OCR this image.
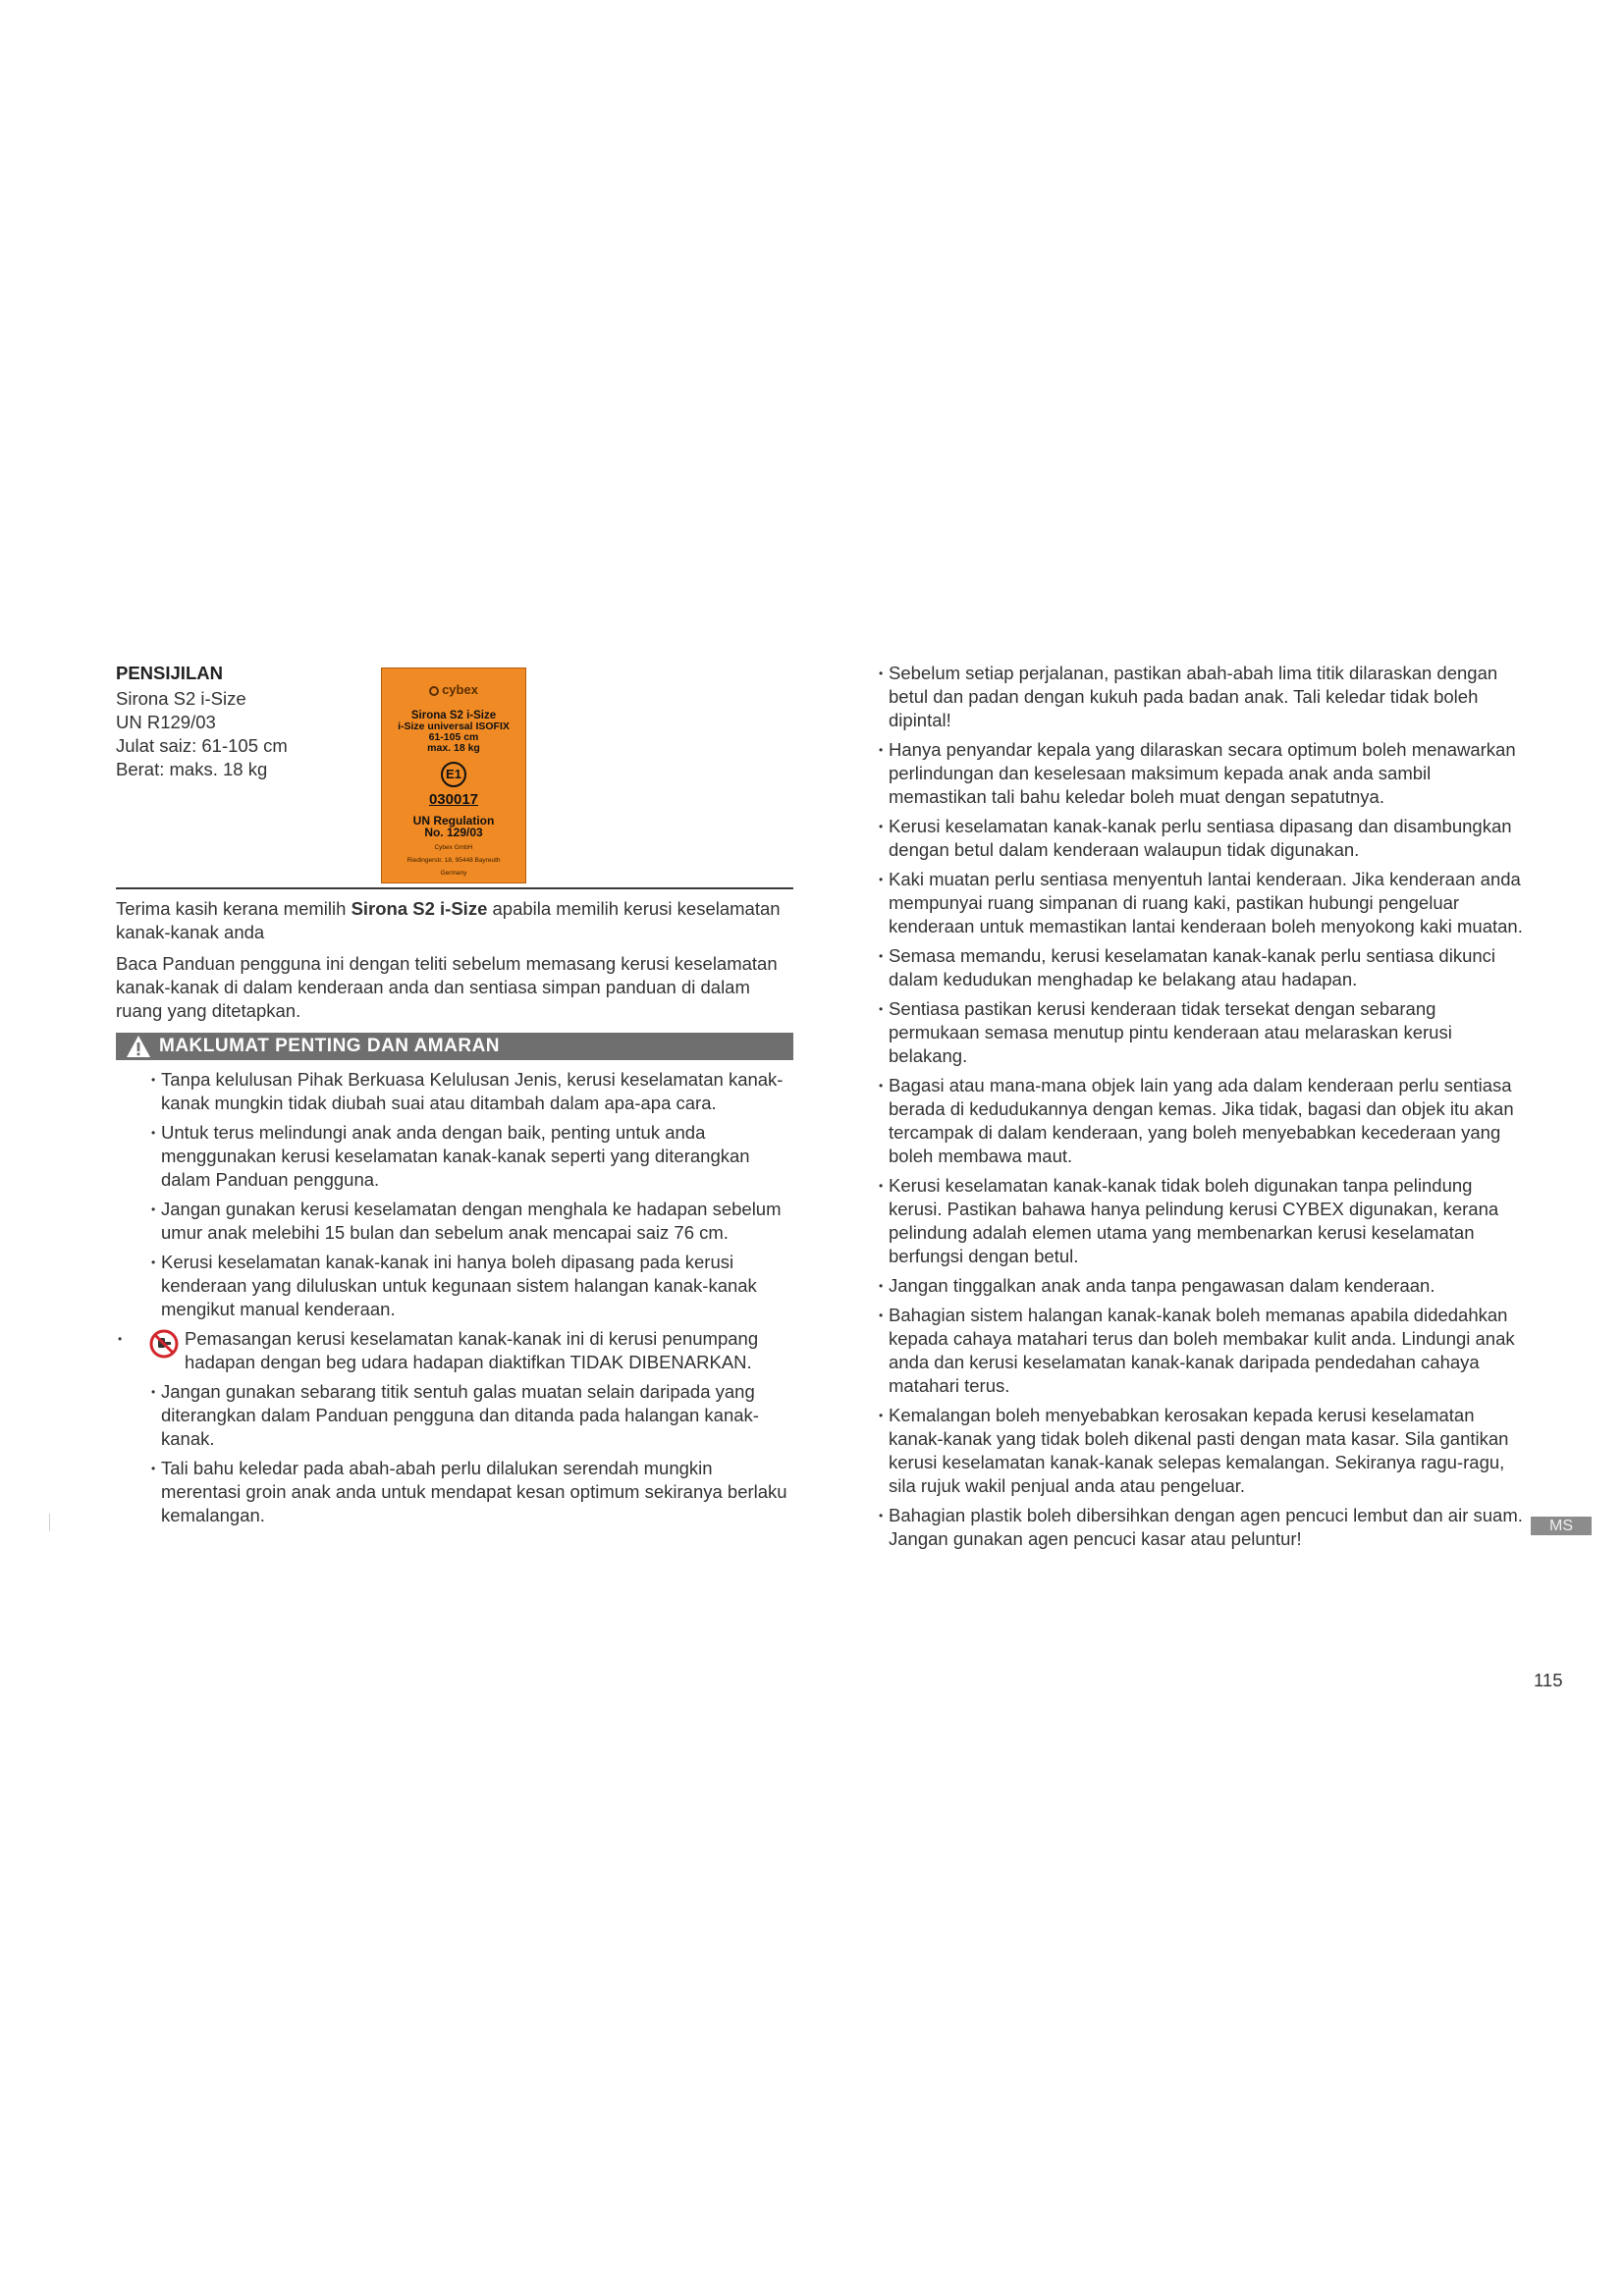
PENSIJILAN
Sirona S2 i-Size
UN R129/03
Julat saiz: 61-105 cm
Berat: maks. 18 kg
cybex
Sirona S2 i-Size
i-Size universal ISOFIX
61-105 cm
max. 18 kg
E1
030017
UN Regulation
No. 129/03
Cybex GmbH
Riedingerstr. 18, 95448 Bayreuth
Germany

Terima kasih kerana memilih Sirona S2 i-Size apabila memilih kerusi keselamatan kanak-kanak anda

Baca Panduan pengguna ini dengan teliti sebelum memasang kerusi keselamatan kanak-kanak di dalam kenderaan anda dan sentiasa simpan panduan di dalam ruang yang ditetapkan.

MAKLUMAT PENTING DAN AMARAN
• Tanpa kelulusan Pihak Berkuasa Kelulusan Jenis, kerusi keselamatan kanak-kanak mungkin tidak diubah suai atau ditambah dalam apa-apa cara.
• Untuk terus melindungi anak anda dengan baik, penting untuk anda menggunakan kerusi keselamatan kanak-kanak seperti yang diterangkan dalam Panduan pengguna.
• Jangan gunakan kerusi keselamatan dengan menghala ke hadapan sebelum umur anak melebihi 15 bulan dan sebelum anak mencapai saiz 76 cm.
• Kerusi keselamatan kanak-kanak ini hanya boleh dipasang pada kerusi kenderaan yang diluluskan untuk kegunaan sistem halangan kanak-kanak mengikut manual kenderaan.
• Pemasangan kerusi keselamatan kanak-kanak ini di kerusi penumpang hadapan dengan beg udara hadapan diaktifkan TIDAK DIBENARKAN.
• Jangan gunakan sebarang titik sentuh galas muatan selain daripada yang diterangkan dalam Panduan pengguna dan ditanda pada halangan kanak-kanak.
• Tali bahu keledar pada abah-abah perlu dilalukan serendah mungkin merentasi groin anak anda untuk mendapat kesan optimum sekiranya berlaku kemalangan.
• Sebelum setiap perjalanan, pastikan abah-abah lima titik dilaraskan dengan betul dan padan dengan kukuh pada badan anak. Tali keledar tidak boleh dipintal!
• Hanya penyandar kepala yang dilaraskan secara optimum boleh menawarkan perlindungan dan keselesaan maksimum kepada anak anda sambil memastikan tali bahu keledar boleh muat dengan sepatutnya.
• Kerusi keselamatan kanak-kanak perlu sentiasa dipasang dan disambungkan dengan betul dalam kenderaan walaupun tidak digunakan.
• Kaki muatan perlu sentiasa menyentuh lantai kenderaan. Jika kenderaan anda mempunyai ruang simpanan di ruang kaki, pastikan hubungi pengeluar kenderaan untuk memastikan lantai kenderaan boleh menyokong kaki muatan.
• Semasa memandu, kerusi keselamatan kanak-kanak perlu sentiasa dikunci dalam kedudukan menghadap ke belakang atau hadapan.
• Sentiasa pastikan kerusi kenderaan tidak tersekat dengan sebarang permukaan semasa menutup pintu kenderaan atau melaraskan kerusi belakang.
• Bagasi atau mana-mana objek lain yang ada dalam kenderaan perlu sentiasa berada di kedudukannya dengan kemas. Jika tidak, bagasi dan objek itu akan tercampak di dalam kenderaan, yang boleh menyebabkan kecederaan yang boleh membawa maut.
• Kerusi keselamatan kanak-kanak tidak boleh digunakan tanpa pelindung kerusi. Pastikan bahawa hanya pelindung kerusi CYBEX digunakan, kerana pelindung adalah elemen utama yang membenarkan kerusi keselamatan berfungsi dengan betul.
• Jangan tinggalkan anak anda tanpa pengawasan dalam kenderaan.
• Bahagian sistem halangan kanak-kanak boleh memanas apabila didedahkan kepada cahaya matahari terus dan boleh membakar kulit anda. Lindungi anak anda dan kerusi keselamatan kanak-kanak daripada pendedahan cahaya matahari terus.
• Kemalangan boleh menyebabkan kerosakan kepada kerusi keselamatan kanak-kanak yang tidak boleh dikenal pasti dengan mata kasar. Sila gantikan kerusi keselamatan kanak-kanak selepas kemalangan. Sekiranya ragu-ragu, sila rujuk wakil penjual anda atau pengeluar.
• Bahagian plastik boleh dibersihkan dengan agen pencuci lembut dan air suam. Jangan gunakan agen pencuci kasar atau peluntur!
MS
115
